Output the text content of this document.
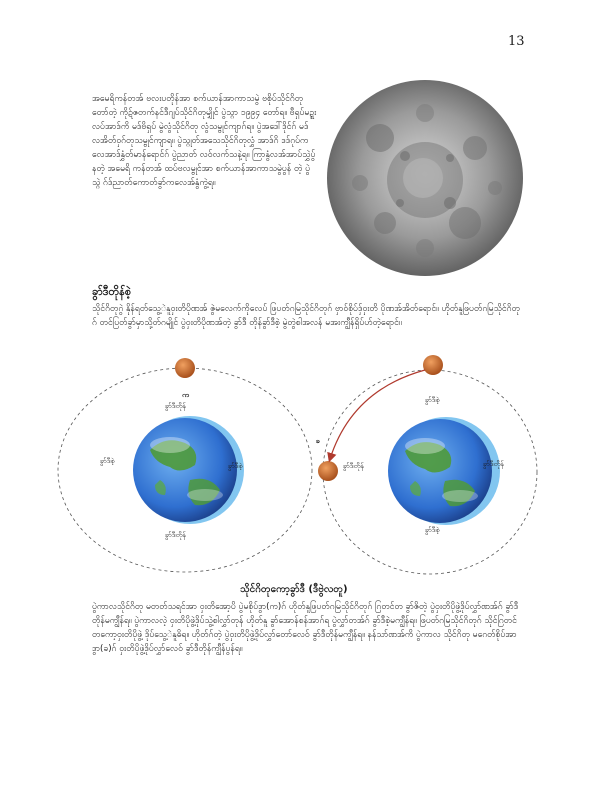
13

အမေရိကန်တအ် ဗလးပတိုန်အာ စက်ယာန်အာကာသမွဲ ဗစိုပ်သိုင်ဂိတုတော်တဲ့ ကိုဍ်ဇတက်နင်ဒီဂျပ်သိုင်ဂိတုမျှိုင် ပွဲသ္ဂာ ၁၉၉၄ တော်ရ။ ဗီရှပ်မဍ္ဍးလပ်အာဒ်ကိ မဒ်ဗိရှပ် မွဲလွံသိုင်ဂိတု လွံသမ္ဗုင်ကျာဂ်ရ။ ပွဲအဒေါ်ဒိုင်ဂ် မဒ် လအိတ်ဝှဂ်တုသမ္ဗုင်ကျာရ။ ပွဲသ္ဂုတ်အသေသိုင်ဂိတုလွှံ အာဒ်ဂိ ဒဒ်ဂုပ်ကလေအာဒ်နွှံတ်မာန်ရောင်ဂ် ပွဲညာတ် လဝ်လက်သနဲ့ရ။ ကြာနွံလအ်အာပ်သွှဲပွ်နတဲ့ အမေရိ ကန်တအ် ထပ်ဗလမ္ဗုင်အာ စက်ယာန်အာကာသမွဲပွန် တဲ့ ပွဲသ္ဂဲ ဂ်ဒ်ညာတ်ကောတ်ခွာ်ကလေအ်နွံကွဲ့ရ။

ခွာ်ဒီတိုန်စဲ့

သိုင်ဂိတုဂွဲ နိုန်ရတ်သွေ့ဲနူဝှးတိပိုဏအ် ဇွဲမလေက်ကိုလေပ် ဖြပတ်ဂမြသိုင်ဂိတုဂ် ဗှာ၀်စိုပ်ဒှ်ဝှးတိ ပိုဏအ်အိတ်ရောင်။ ဟိုတ်နူဖြပတ်ဂမြသိုင်ဂိတုဂ် တင်ပြတ်ခွာ်မှာသို့တ်ဂမျိုင် ပွဲဝှးတိပိုဏအ်တဲ့ ခွာ်ဒီ တိုန်ခွာ်ဒီစဲ့ မွဲတွဲစါအလန် မအးကျွီန်ရှိပ်ဟ်တဲ့ရောင်။

က
ခွာ်ဒီတိုန်
ခွာ်ဒီစဲ့
ခွာ်ဒီစဲ့
ခွာ်ဒီတိုန်
ခ
ခွာ်ဒီစဲ့
ခွာ်ဒီတိုန်	ခွာ်ဒီတိုန်
ခွာ်ဒီစဲ့
သိုင်ဂိတုကော့ခွာ်ဒီ (ဒီဗွဲလတူ)

ပွဲကာလသိုင်ဂိတု မတတ်သရင်အာ ဝှးတိအော့ပိ ပွဲမစိုပ်ဒွာ(က)ဂ် ဟိုတ်နူဖြပတ်ဂမြသိုင်ဂိတုဂ် ဂြတင်တ ခွာ်ဇိတဲ့ ပွဲဝှးတိပိုဖွဲ့ဒိုပ်လွှာ်ဏအ်ဂ် ခွာ်ဒီတိုန်မကျွီန်ရ။ ပွဲကာလလဲ့ ဝှးတိပိုဖွဲ့ဒိုပ်သွဲ့စါလွှာ်တုန် ဟိုတ်နူ ခွာ်အောန်စန်အာဂ်ရ ပွဲလွှာ်တအ်ဂ် ခွာ်ဒီစဲ့မကျွီန်ရ။ ဖြပတ်ဂမြသိုင်ဂိတုဂ် သိုင်ဂြတင်တကော့ဝှးတိပိုဖွဲ့ ဒိုပ်သွေ့ဲနူဓိရ။ ဟိုတ်ဂ်တဲ့ ပွဲဝှးတိပိုဖွဲ့ဒိုပ်လွှာ်တော်လေဝ် ခွာ်ဒီတိုန်မကျွီန်ရ။ နန်သာ်ဏအ်ကိ ပွဲကာလ သိုင်ဂိတု မဂေတ်စိုပ်အာဒွာ(ခ)ဂ် ဝှးတိပိုဖွဲ့ဒိုပ်လွှာ်လေဝ် ခွာ်ဒီတိုန်ကျွီန်ပွန်ရ။
